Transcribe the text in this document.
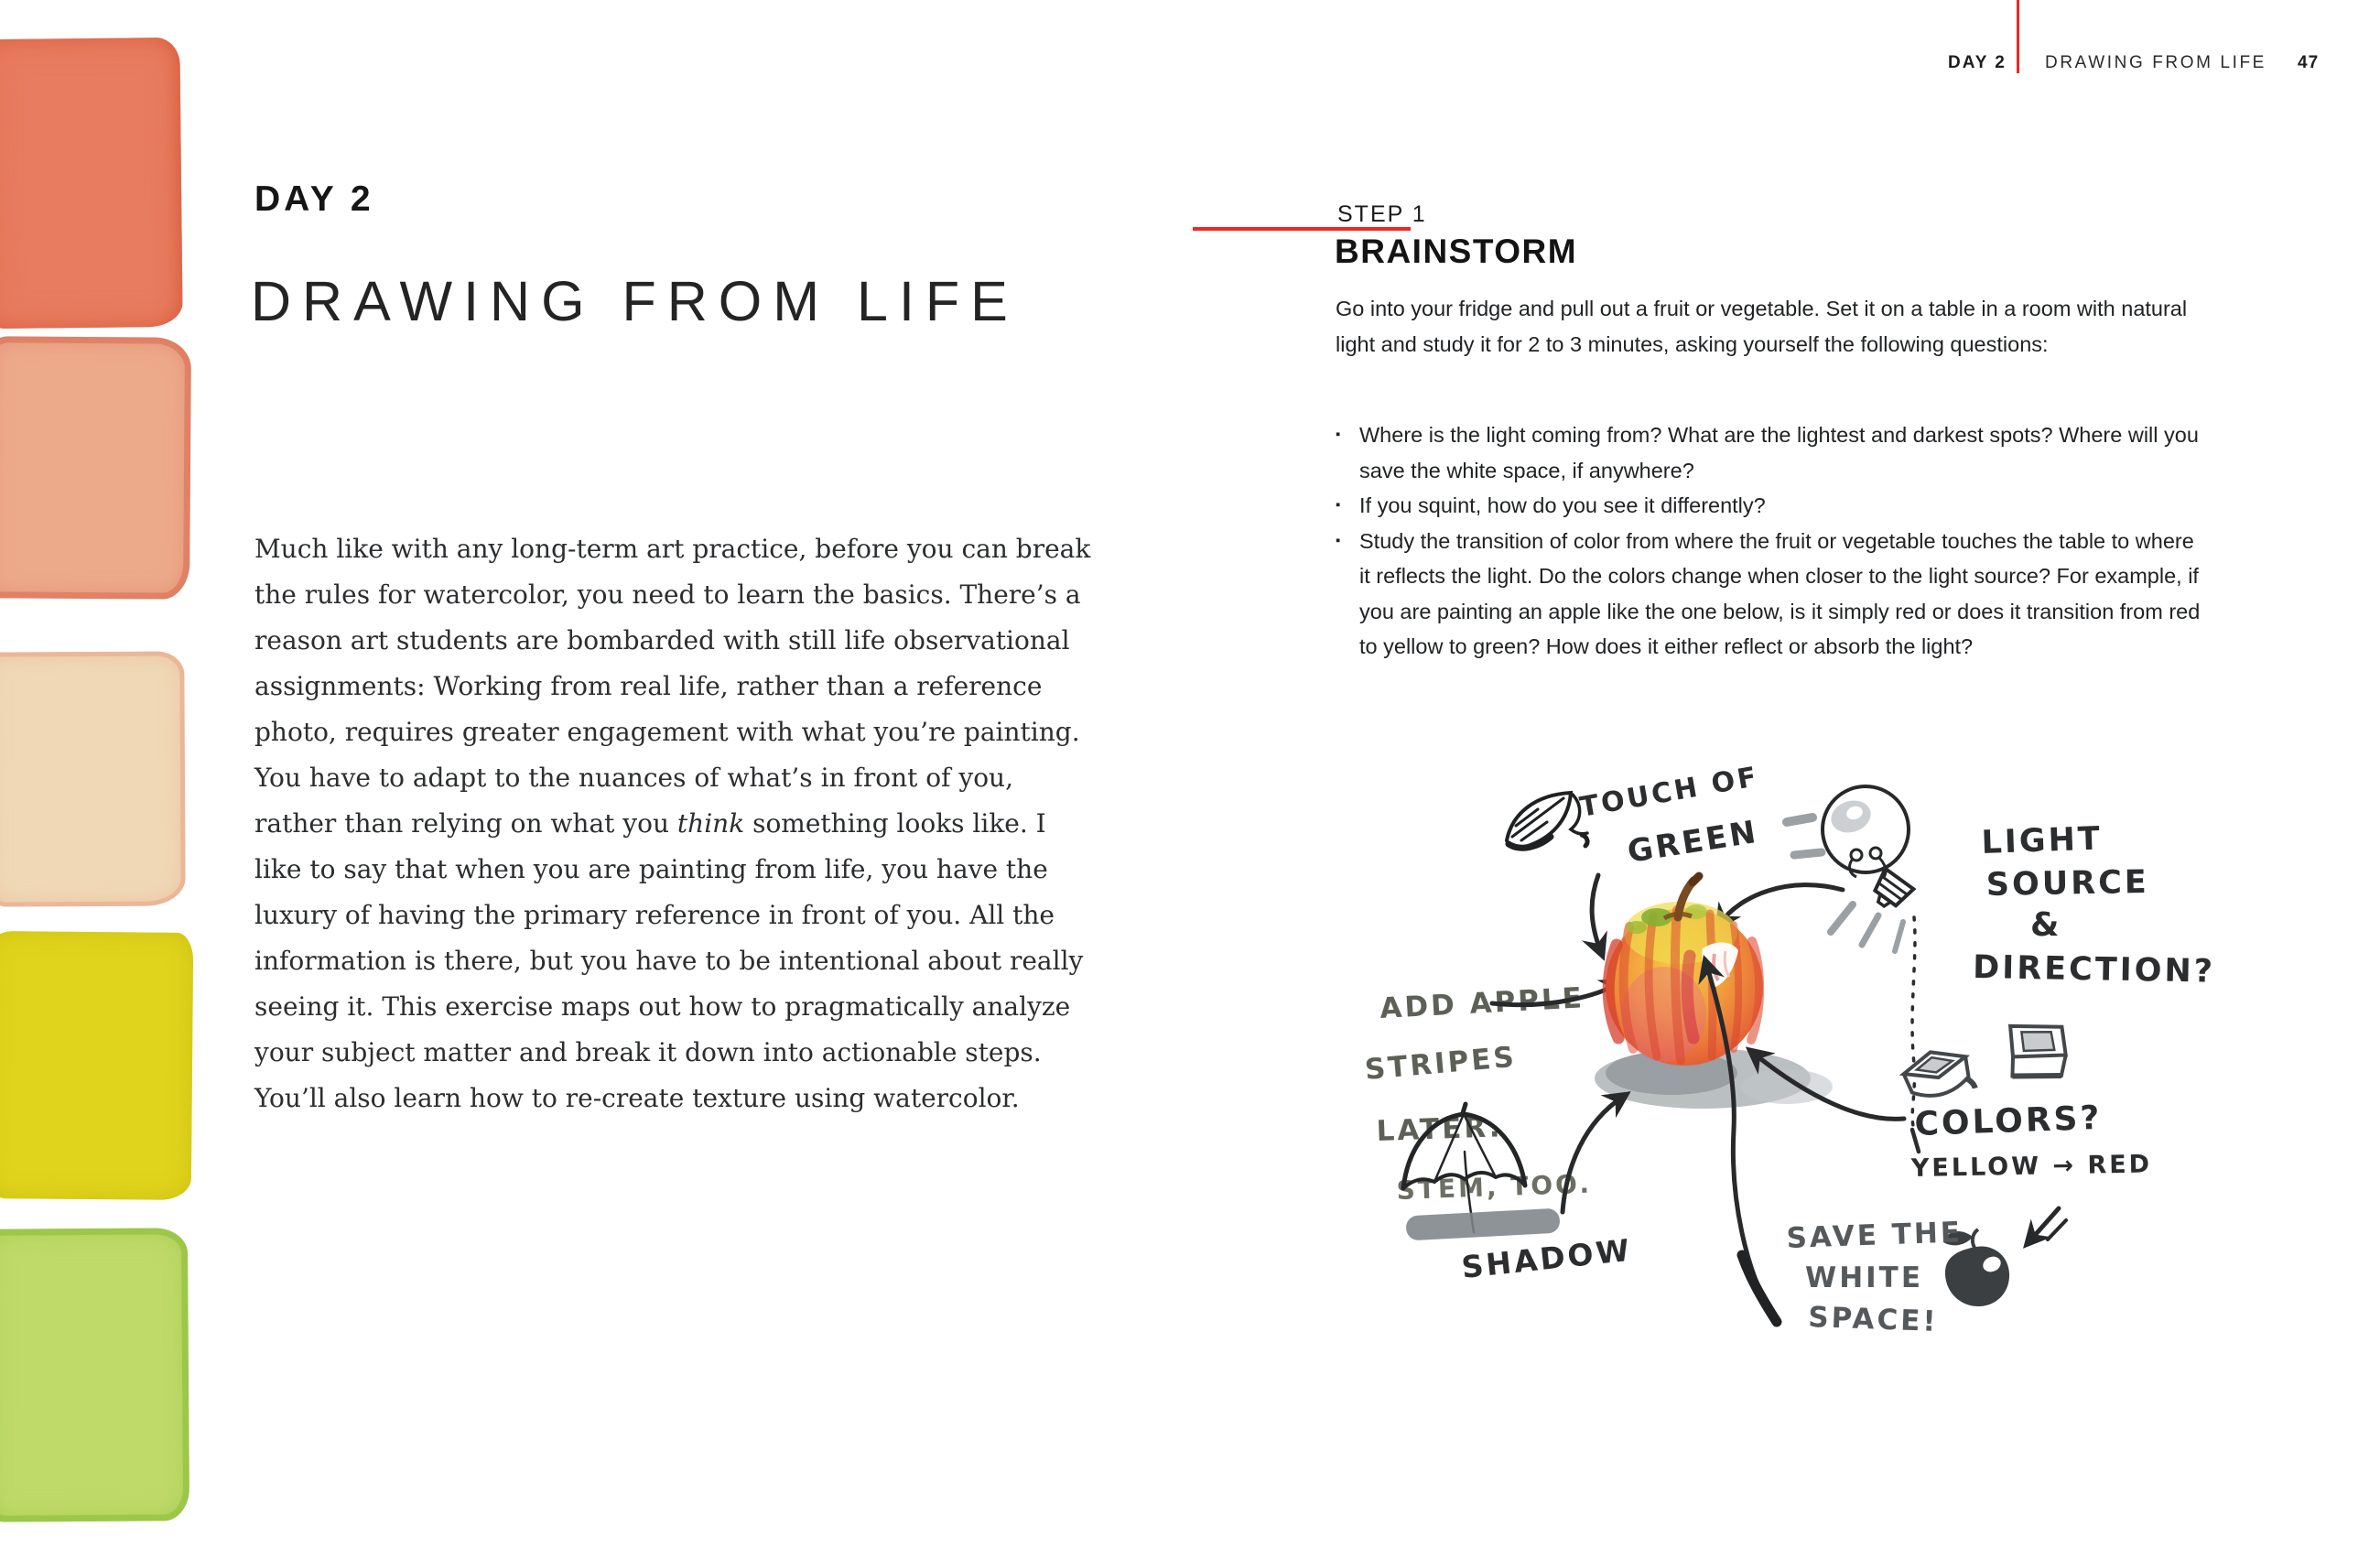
DAY 2 DRAWING FROM LIFE 47
DAY 2
DRAWING FROM LIFE

Much like with any long-term art practice, before you can break the rules for watercolor, you need to learn the basics. There’s a reason art students are bombarded with still life observational assignments: Working from real life, rather than a reference photo, requires greater engagement with what you’re painting. You have to adapt to the nuances of what’s in front of you, rather than relying on what you think something looks like. I like to say that when you are painting from life, you have the luxury of having the primary reference in front of you. All the information is there, but you have to be intentional about really seeing it. This exercise maps out how to pragmatically analyze your subject matter and break it down into actionable steps. You’ll also learn how to re-create texture using watercolor.

STEP 1
BRAINSTORM

Go into your fridge and pull out a fruit or vegetable. Set it on a table in a room with natural light and study it for 2 to 3 minutes, asking yourself the following questions:

▪ Where is the light coming from? What are the lightest and darkest spots? Where will you save the white space, if anywhere?
▪ If you squint, how do you see it differently?
▪ Study the transition of color from where the fruit or vegetable touches the table to where it reflects the light. Do the colors change when closer to the light source? For example, if you are painting an apple like the one below, is it simply red or does it transition from red to yellow to green? How does it either reflect or absorb the light?
TOUCH OF
GREEN	LIGHT
SOURCE
&
DIRECTION?
ADD APPLE
STRIPES
LATER.
STEM, TOO.
SHADOW
COLORS?
YELLOW → RED
SAVE THE
WHITE
SPACE!
